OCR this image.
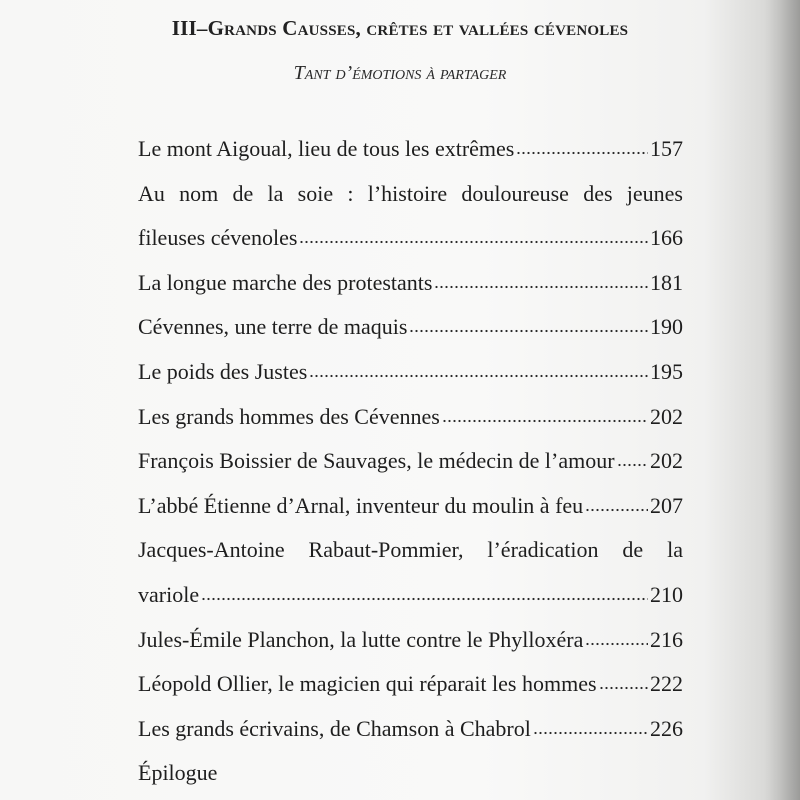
III–Grands Causses, crêtes et vallées cévenoles
Tant d’émotions à partager
Le mont Aigoual, lieu de tous les extrêmes	157
Au nom de la soie : l’histoire douloureuse des jeunes
fileuses cévenoles	166
La longue marche des protestants	181
Cévennes, une terre de maquis	190
Le poids des Justes	195
Les grands hommes des Cévennes	202
François Boissier de Sauvages, le médecin de l’amour 202
L’abbé Étienne d’Arnal, inventeur du moulin à feu	207
Jacques-Antoine Rabaut-Pommier, l’éradication de la
variole	210
Jules-Émile Planchon, la lutte contre le Phylloxéra	216
Léopold Ollier, le magicien qui réparait les hommes 222
Les grands écrivains, de Chamson à Chabrol	226
Épilogue
